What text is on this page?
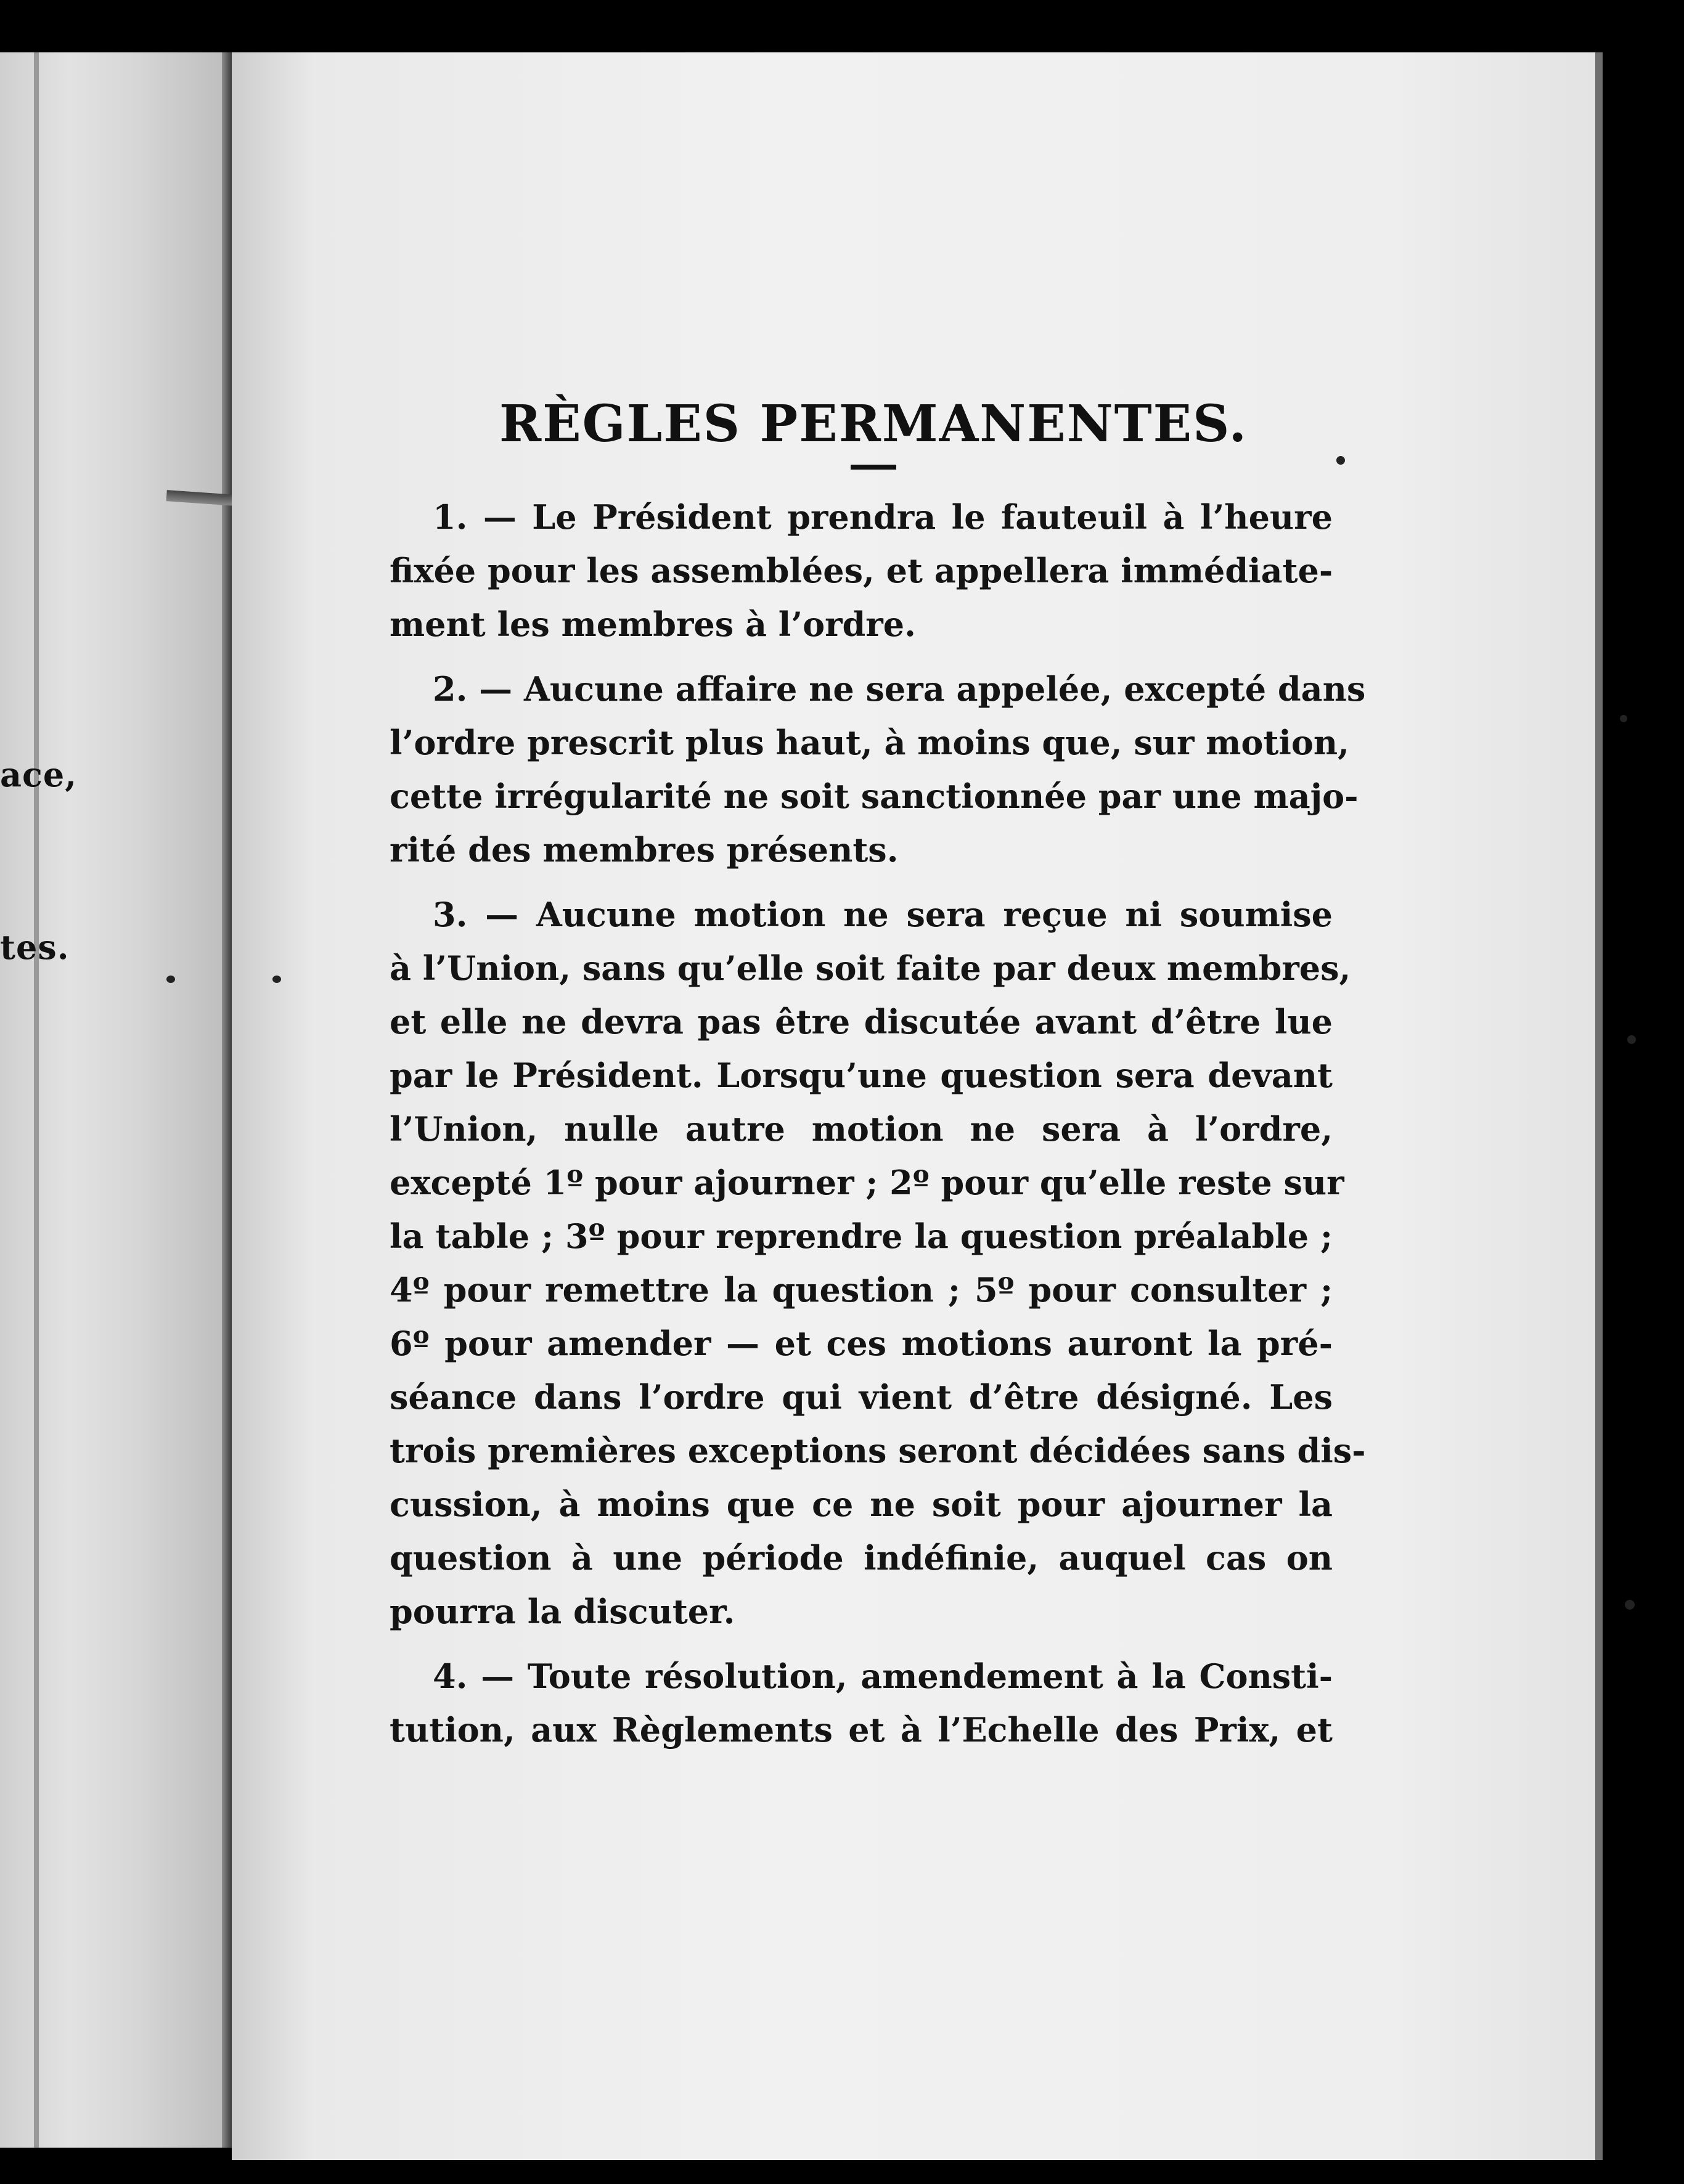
ace,
tes.
RÈGLES PERMANENTES.
1. — Le Président prendra le fauteuil à l’heure
fixée pour les assemblées, et appellera immédiate-
ment les membres à l’ordre.
2. — Aucune affaire ne sera appelée, excepté dans
l’ordre prescrit plus haut, à moins que, sur motion,
cette irrégularité ne soit sanctionnée par une majo-
rité des membres présents.
3. — Aucune motion ne sera reçue ni soumise
à l’Union, sans qu’elle soit faite par deux membres,
et elle ne devra pas être discutée avant d’être lue
par le Président. Lorsqu’une question sera devant
l’Union, nulle autre motion ne sera à l’ordre,
excepté 1º pour ajourner ; 2º pour qu’elle reste sur
la table ; 3º pour reprendre la question préalable ;
4º pour remettre la question ; 5º pour consulter ;
6º pour amender — et ces motions auront la pré-
séance dans l’ordre qui vient d’être désigné. Les
trois premières exceptions seront décidées sans dis-
cussion, à moins que ce ne soit pour ajourner la
question à une période indéfinie, auquel cas on
pourra la discuter.
4. — Toute résolution, amendement à la Consti-
tution, aux Règlements et à l’Echelle des Prix, et
